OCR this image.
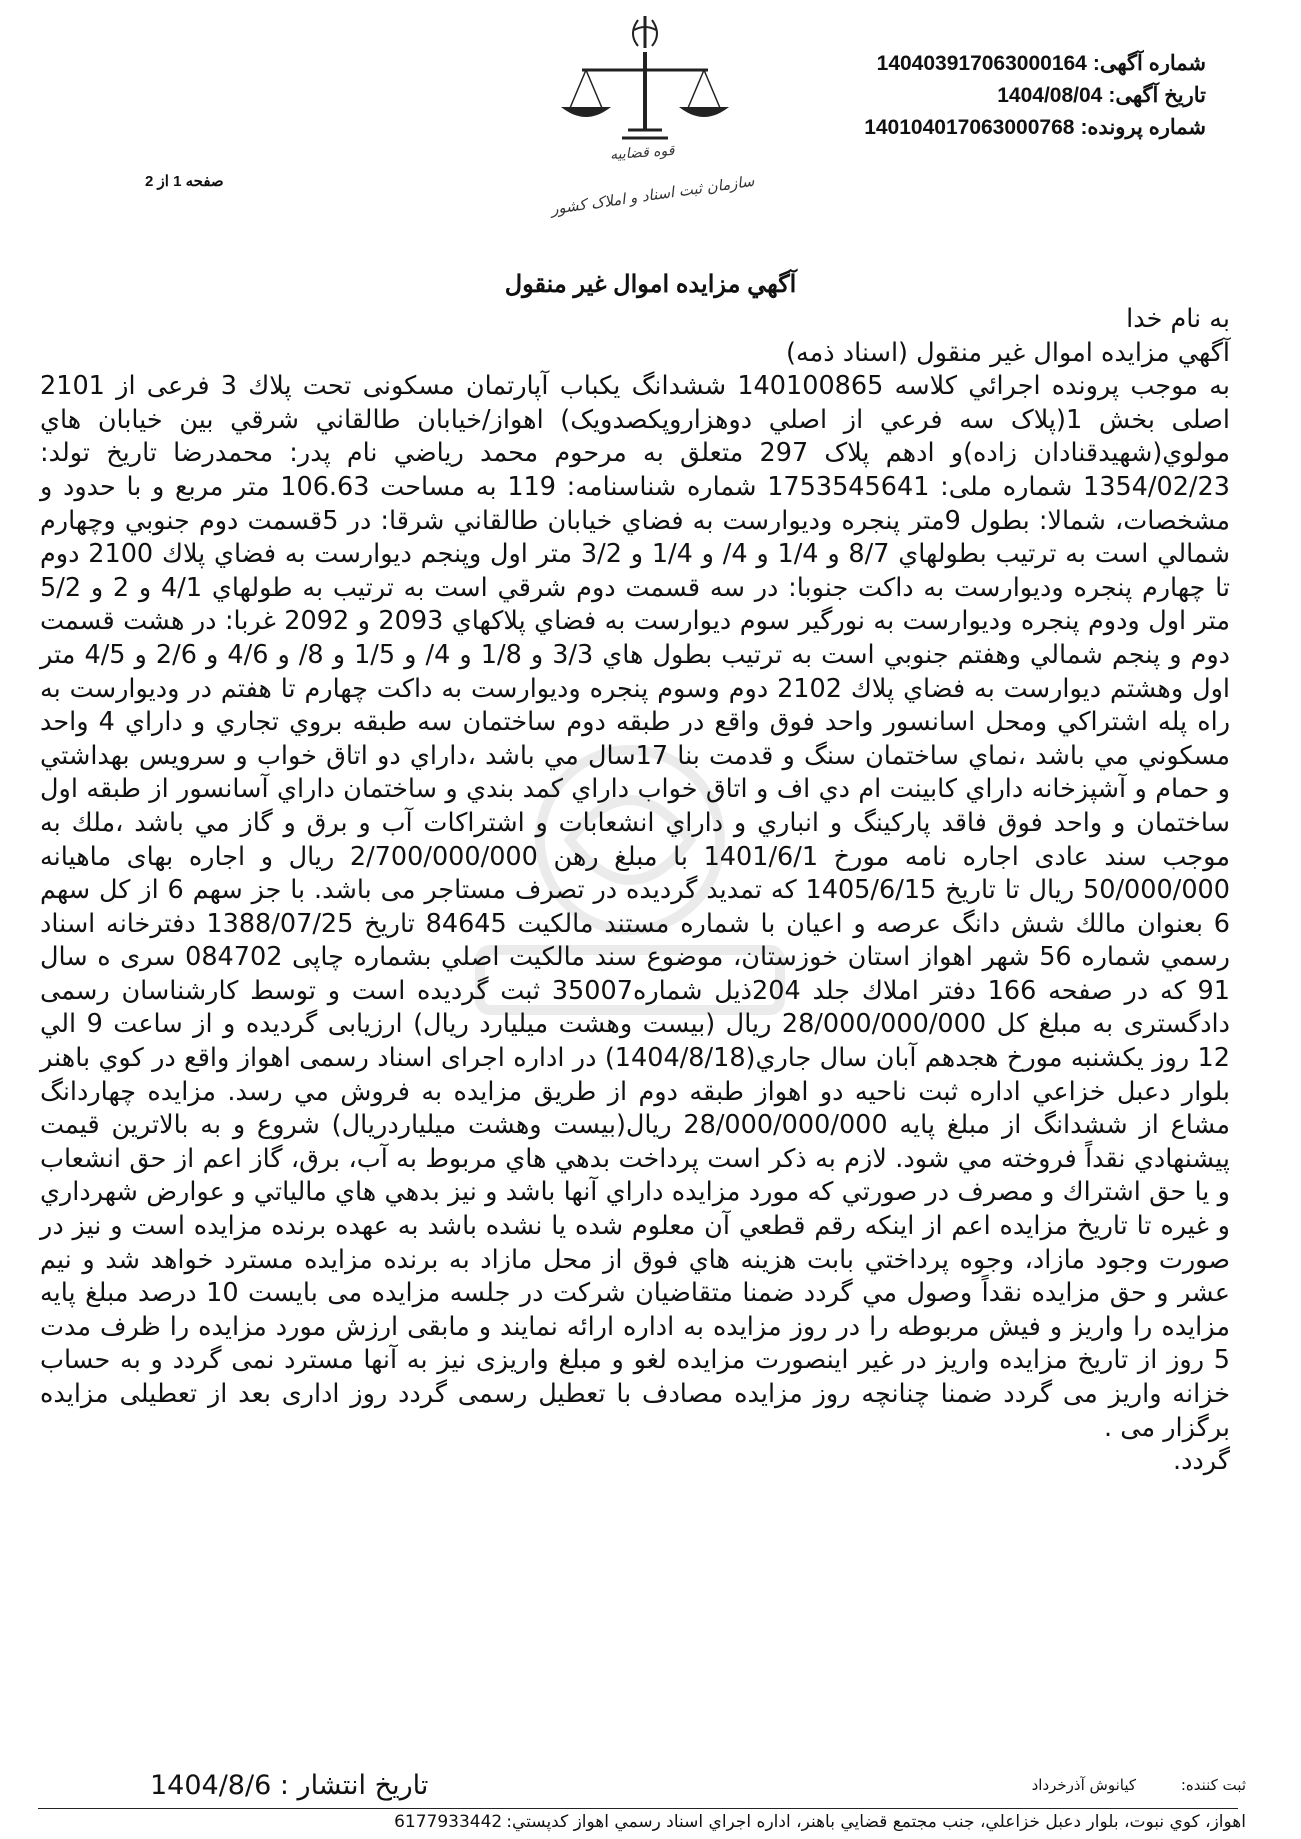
شماره آگهی:140403917063000164
تاریخ آگهی:1404/08/04
شماره پرونده:140104017063000768
قوه قضاییه
سازمان ثبت اسناد و املاک کشور
صفحه 1 از 2
آگهي مزايده اموال غير منقول

به نام خدا

آگهي مزايده اموال غير منقول (اسناد ذمه)

به موجب پرونده اجرائي كلاسه 140100865 ششدانگ يكباب آپارتمان مسكونى تحت پلاك 3 فرعى از 2101 اصلى بخش 1(پلاک سه فرعي از اصلي دوهزاروپکصدويک) اهواز/خيابان طالقاني شرقي بين خيابان هاي مولوي(شهيدقنادان زاده)و ادهم پلاک 297 متعلق به مرحوم محمد رياضي نام پدر: محمدرضا تاريخ تولد: 1354/02/23 شماره ملى: 1753545641 شماره شناسنامه: 119 به مساحت 106.63 متر مربع و با حدود و مشخصات، شمالا: بطول 9متر پنجره وديوارست به فضاي خيابان طالقاني شرقا: در 5قسمت دوم جنوبي وچهارم شمالي است به ترتيب بطولهاي 8/7 و 1/4 و 4/ و 1/4 و 3/2 متر اول وپنجم ديوارست به فضاي پلاك 2100 دوم تا چهارم پنجره وديوارست به داكت جنوبا: در سه قسمت دوم شرقي است به ترتيب به طولهاي 4/1 و 2 و 5/2 متر اول ودوم پنجره وديوارست به نورگير سوم ديوارست به فضاي پلاكهاي 2093 و 2092 غربا: در هشت قسمت دوم و پنجم شمالي وهفتم جنوبي است به ترتيب بطول هاي 3/3 و 1/8 و 4/ و 1/5 و 8/ و 4/6 و 2/6 و 4/5 متر اول وهشتم ديوارست به فضاي پلاك 2102 دوم وسوم پنجره وديوارست به داكت چهارم تا هفتم در وديوارست به راه پله اشتراكي ومحل اسانسور واحد فوق واقع در طبقه دوم ساختمان سه طبقه بروي تجاري و داراي 4 واحد مسكوني مي باشد ،نماي ساختمان سنگ و قدمت بنا 17سال مي باشد ،داراي دو اتاق خواب و سرويس بهداشتي و حمام و آشپزخانه داراي كابينت ام دي اف و اتاق خواب داراي كمد بندي و ساختمان داراي آسانسور از طبقه اول ساختمان و واحد فوق فاقد پاركينگ و انباري و داراي انشعابات و اشتراكات آب و برق و گاز مي باشد ،ملك به موجب سند عادى اجاره نامه مورخ 1401/6/1 با مبلغ رهن 2/700/000/000 ريال و اجاره بهاى ماهيانه 50/000/000 ريال تا تاريخ 1405/6/15 كه تمديد گرديده در تصرف مستاجر مى باشد. با جز سهم 6 از كل سهم 6 بعنوان مالك شش دانگ عرصه و اعيان با شماره مستند مالكيت 84645 تاريخ 1388/07/25 دفترخانه اسناد رسمي شماره 56 شهر اهواز استان خوزستان، موضوع سند مالكيت اصلي بشماره چاپى 084702 سرى ه سال 91 كه در صفحه 166 دفتر املاك جلد 204ذيل شماره35007 ثبت گرديده است و توسط كارشناسان رسمى دادگسترى به مبلغ كل 28/000/000/000 ريال (بيست وهشت ميليارد ريال) ارزيابى گرديده و از ساعت 9 الي 12 روز يكشنبه مورخ هجدهم آبان سال جاري(1404/8/18) در اداره اجراى اسناد رسمى اهواز واقع در كوي باهنر بلوار دعبل خزاعي اداره ثبت ناحيه دو اهواز طبقه دوم از طريق مزايده به فروش مي رسد. مزايده چهاردانگ مشاع از ششدانگ از مبلغ پايه 28/000/000/000 ريال(بيست وهشت ميلياردريال) شروع و به بالاترين قيمت پيشنهادي نقداً فروخته مي شود. لازم به ذكر است پرداخت بدهي هاي مربوط به آب، برق، گاز اعم از حق انشعاب و يا حق اشتراك و مصرف در صورتي كه مورد مزايده داراي آنها باشد و نيز بدهي هاي مالياتي و عوارض شهرداري و غيره تا تاريخ مزايده اعم از اينكه رقم قطعي آن معلوم شده يا نشده باشد به عهده برنده مزايده است و نيز در صورت وجود مازاد، وجوه پرداختي بابت هزينه هاي فوق از محل مازاد به برنده مزايده مسترد خواهد شد و نيم عشر و حق مزايده نقداً وصول مي گردد ضمنا متقاضيان شركت در جلسه مزايده مى بايست 10 درصد مبلغ پايه مزايده را واريز و فيش مربوطه را در روز مزايده به اداره ارائه نمايند و مابقى ارزش مورد مزايده را ظرف مدت 5 روز از تاريخ مزايده واريز در غير اينصورت مزايده لغو و مبلغ واريزى نيز به آنها مسترد نمى گردد و به حساب خزانه واريز مى گردد ضمنا چنانچه روز مزايده مصادف با تعطيل رسمى گردد روز ادارى بعد از تعطيلى مزايده برگزار مى .

گردد.

تاريخ انتشار : 1404/8/6	ثبت كننده: كيانوش آذرخرداد
اهواز، كوي نبوت، بلوار دعبل خزاعلي، جنب مجتمع قضايي باهنر، اداره اجراي اسناد رسمي اهواز كدپستي:6177933442
